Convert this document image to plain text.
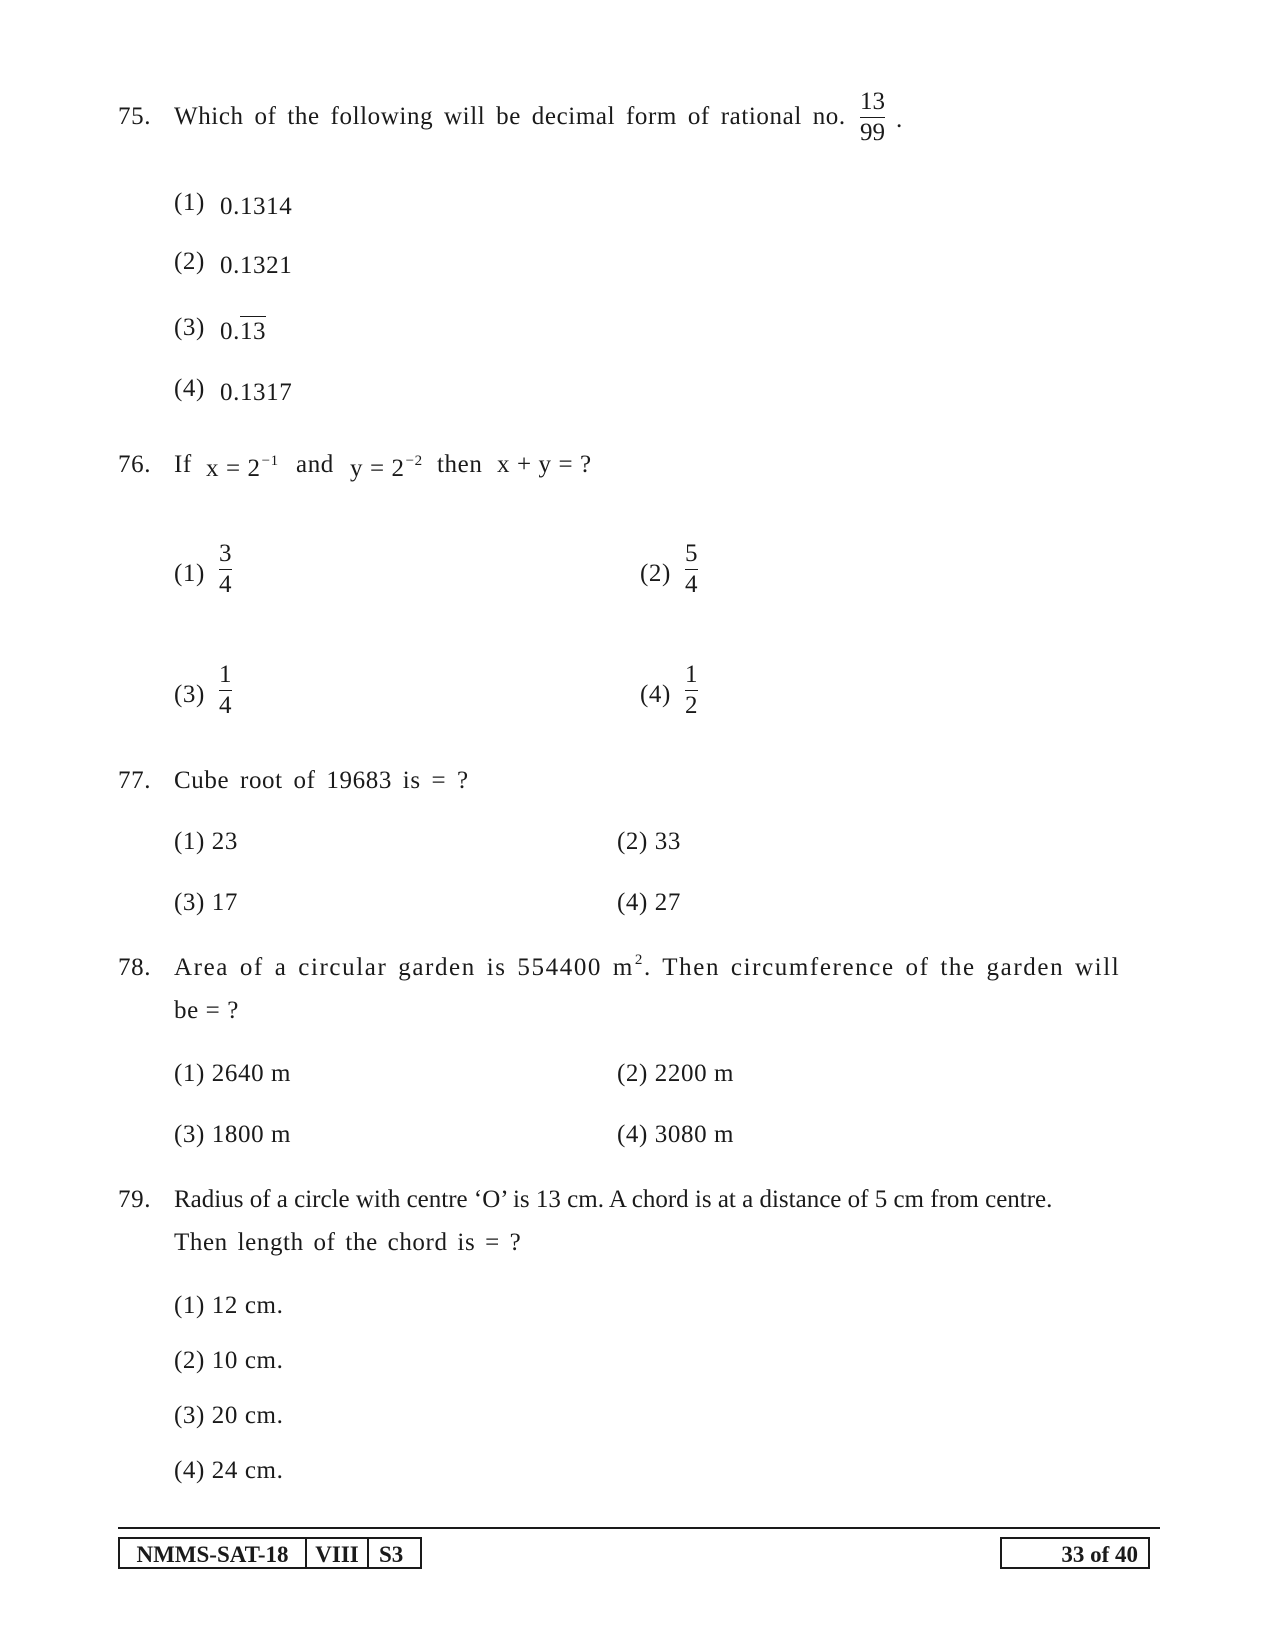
75. Which of the following will be decimal form of rational no.
13
99 .
(1) 0.1314
(2) 0.1321
(3) 0.13
(4) 0.1317
76. If $x = 2^{-1}$ and $y = 2^{-2}$ then x + y = ?
(1)
3
4	(2)
5
4
(3)
1
4	(4)
1
2
77. Cube root of 19683 is = ?
(1) 23	(2) 33
(3) 17	(4) 27
78. Area of a circular garden is 554400 $m^2$. Then circumference of the garden will
be = ?
(1) 2640 m	(2) 2200 m
(3) 1800 m	(4) 3080 m
79. Radius of a circle with centre ‘O’ is 13 cm. A chord is at a distance of 5 cm from centre.
Then length of the chord is = ?
(1) 12 cm.
(2) 10 cm.
(3) 20 cm.
(4) 24 cm.
NMMS-SAT-18	VIII S3	33 of 40
